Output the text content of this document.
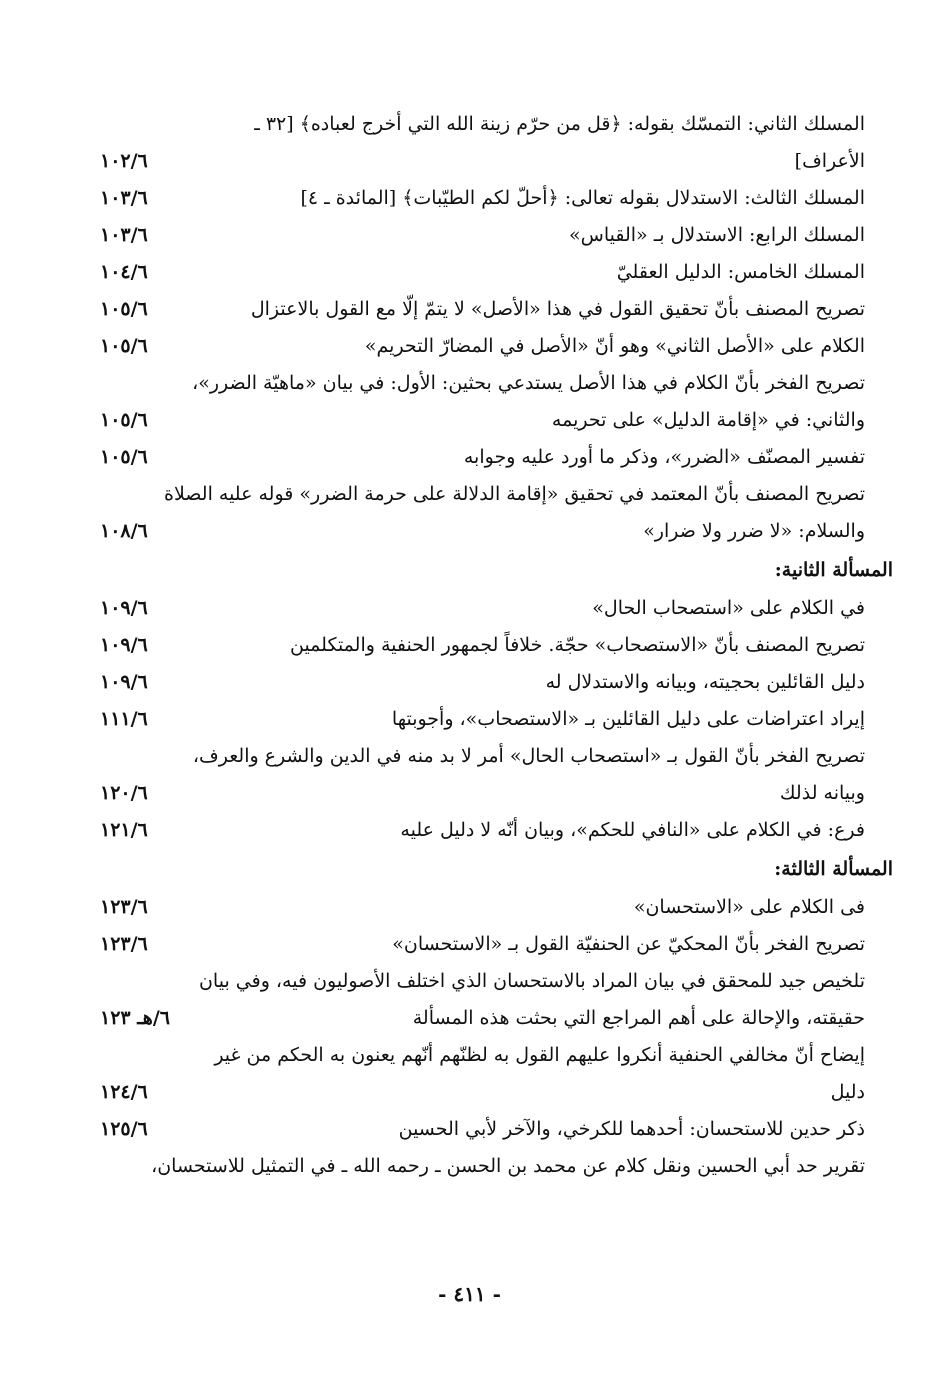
المسلك الثاني: التمسّك بقوله: ﴿قل من حرّم زينة الله التي أخرج لعباده﴾ [٣٢ ـ
الأعراف]
١٠٢/٦
المسلك الثالث: الاستدلال بقوله تعالى: ﴿أحلّ لكم الطيّبات﴾ [المائدة ـ ٤]
١٠٣/٦
المسلك الرابع: الاستدلال بـ «القياس»
١٠٣/٦
المسلك الخامس: الدليل العقليّ
١٠٤/٦
تصريح المصنف بأنّ تحقيق القول في هذا «الأصل» لا يتمّ إلّا مع القول بالاعتزال
١٠٥/٦
الكلام على «الأصل الثاني» وهو أنّ «الأصل في المضارّ التحريم»
١٠٥/٦
تصريح الفخر بأنّ الكلام في هذا الأصل يستدعي بحثين: الأول: في بيان «ماهيّة الضرر»،
والثاني: في «إقامة الدليل» على تحريمه
١٠٥/٦
تفسير المصنّف «الضرر»، وذكر ما أورد عليه وجوابه
١٠٥/٦
تصريح المصنف بأنّ المعتمد في تحقيق «إقامة الدلالة على حرمة الضرر» قوله عليه الصلاة
والسلام: «لا ضرر ولا ضرار»
١٠٨/٦
المسألة الثانية:
في الكلام على «استصحاب الحال»
١٠٩/٦
تصريح المصنف بأنّ «الاستصحاب» حجّة. خلافاً لجمهور الحنفية والمتكلمين
١٠٩/٦
دليل القائلين بحجيته، وبيانه والاستدلال له
١٠٩/٦
إيراد اعتراضات على دليل القائلين بـ «الاستصحاب»، وأجوبتها
١١١/٦
تصريح الفخر بأنّ القول بـ «استصحاب الحال» أمر لا بد منه في الدين والشرع والعرف،
وبيانه لذلك
١٢٠/٦
فرع: في الكلام على «النافي للحكم»، وبيان أنّه لا دليل عليه
١٢١/٦
المسألة الثالثة:
فى الكلام على «الاستحسان»
١٢٣/٦
تصريح الفخر بأنّ المحكيّ عن الحنفيّة القول بـ «الاستحسان»
١٢٣/٦
تلخيص جيد للمحقق في بيان المراد بالاستحسان الذي اختلف الأصوليون فيه، وفي بيان
حقيقته، والإحالة على أهم المراجع التي بحثت هذه المسألة
٦/هـ ١٢٣
إيضاح أنّ مخالفي الحنفية أنكروا عليهم القول به لظنّهم أنّهم يعنون به الحكم من غير
دليل
١٢٤/٦
ذكر حدين للاستحسان: أحدهما للكرخي، والآخر لأبي الحسين
١٢٥/٦
تقرير حد أبي الحسين ونقل كلام عن محمد بن الحسن ـ رحمه الله ـ في التمثيل للاستحسان،
- ٤١١ -
